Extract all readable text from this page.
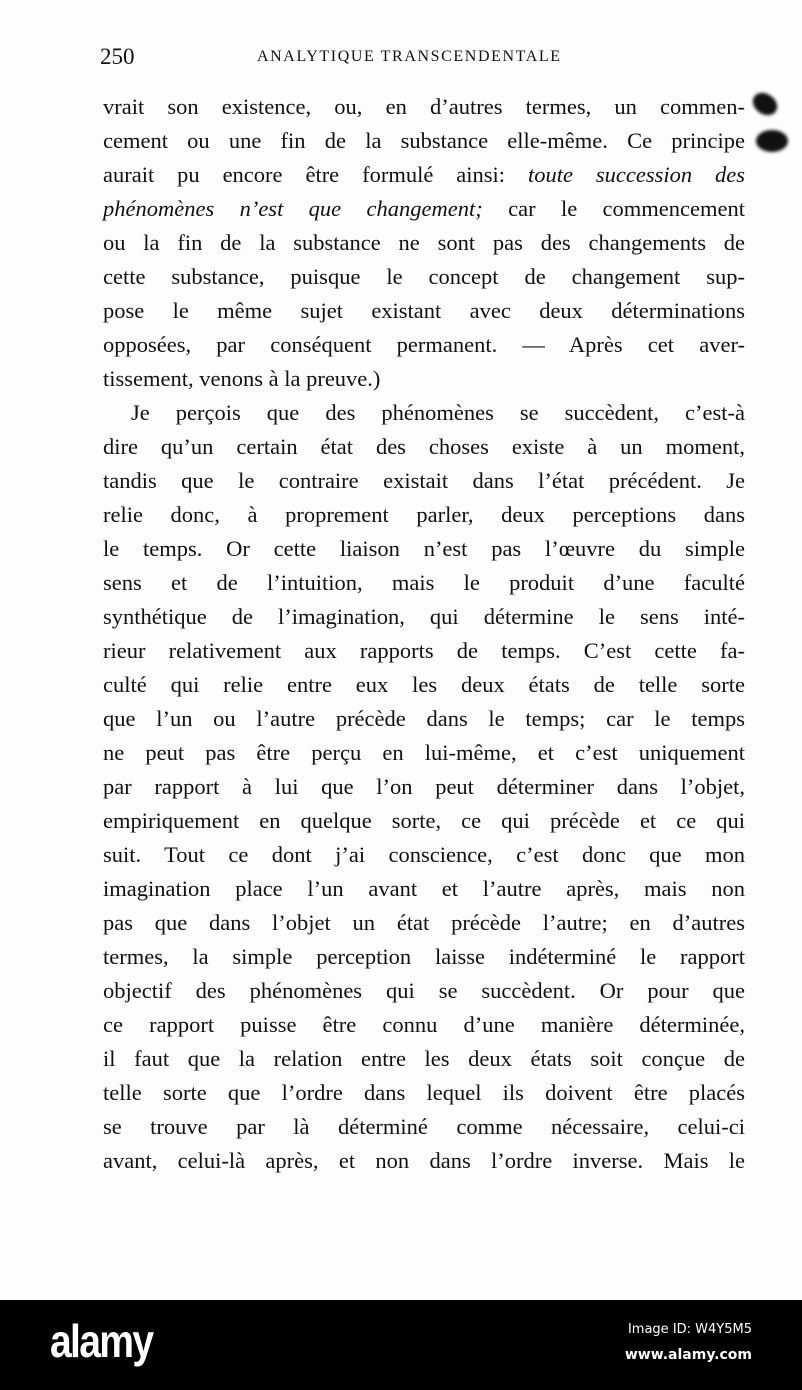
250	ANALYTIQUE TRANSCENDENTALE
vrait son existence, ou, en d’autres termes, un commen-
cement ou une fin de la substance elle-même. Ce principe
aurait pu encore être formulé ainsi: toute succession des
phénomènes n’est que changement; car le commencement
ou la fin de la substance ne sont pas des changements de
cette substance, puisque le concept de changement sup-
pose le même sujet existant avec deux déterminations
opposées, par conséquent permanent. — Après cet aver-
tissement, venons à la preuve.)
Je perçois que des phénomènes se succèdent, c’est-à
dire qu’un certain état des choses existe à un moment,
tandis que le contraire existait dans l’état précédent. Je
relie donc, à proprement parler, deux perceptions dans
le temps. Or cette liaison n’est pas l’œuvre du simple
sens et de l’intuition, mais le produit d’une faculté
synthétique de l’imagination, qui détermine le sens inté-
rieur relativement aux rapports de temps. C’est cette fa-
culté qui relie entre eux les deux états de telle sorte
que l’un ou l’autre précède dans le temps; car le temps
ne peut pas être perçu en lui-même, et c’est uniquement
par rapport à lui que l’on peut déterminer dans l’objet,
empiriquement en quelque sorte, ce qui précède et ce qui
suit. Tout ce dont j’ai conscience, c’est donc que mon
imagination place l’un avant et l’autre après, mais non
pas que dans l’objet un état précède l’autre; en d’autres
termes, la simple perception laisse indéterminé le rapport
objectif des phénomènes qui se succèdent. Or pour que
ce rapport puisse être connu d’une manière déterminée,
il faut que la relation entre les deux états soit conçue de
telle sorte que l’ordre dans lequel ils doivent être placés
se trouve par là déterminé comme nécessaire, celui-ci
avant, celui-là après, et non dans l’ordre inverse. Mais le
alamy	Image ID: W4Y5M5
www.alamy.com
